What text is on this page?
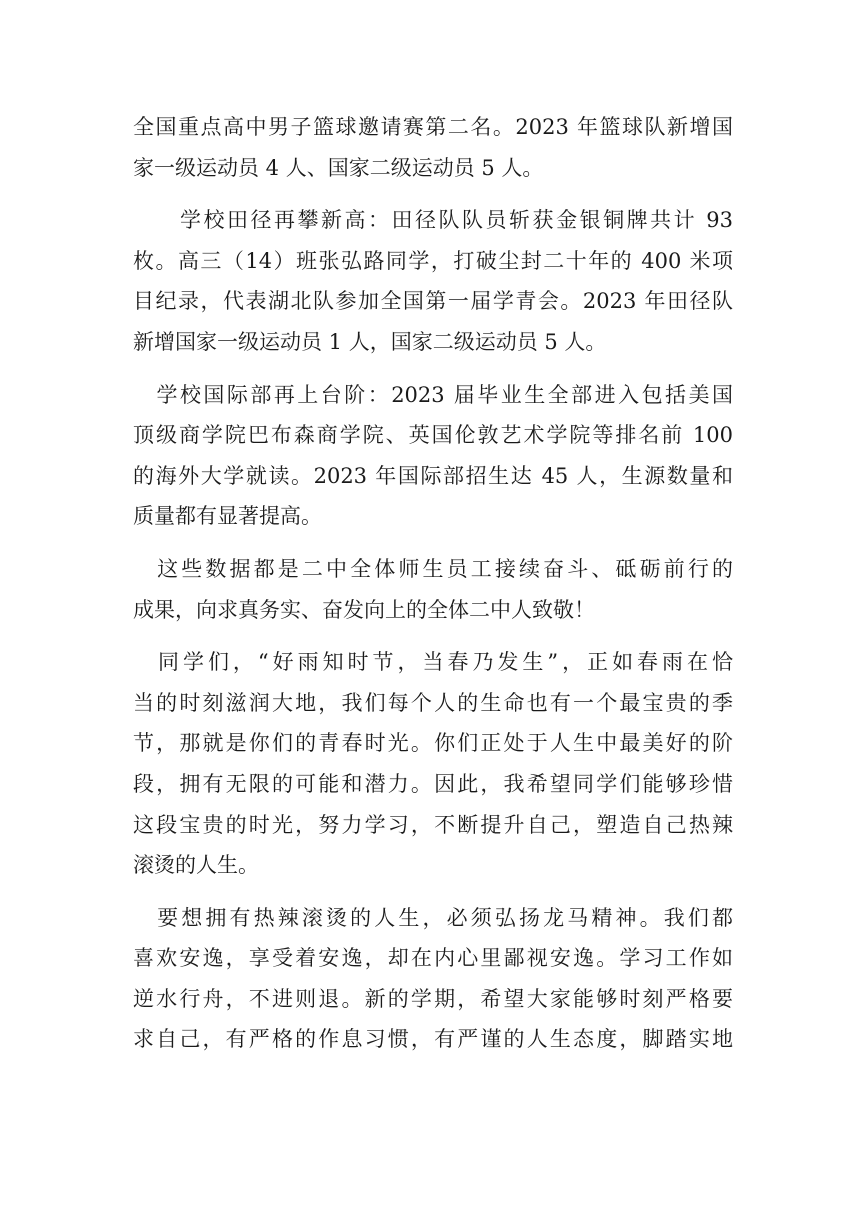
全国重点高中男子篮球邀请赛第二名。2023 年篮球队新增国
家一级运动员 4 人、国家二级运动员 5 人。
　　学校田径再攀新高：田径队队员斩获金银铜牌共计 93
枚。高三（14）班张弘路同学，打破尘封二十年的 400 米项
目纪录，代表湖北队参加全国第一届学青会。2023 年田径队
新增国家一级运动员 1 人，国家二级运动员 5 人。
　学校国际部再上台阶：2023 届毕业生全部进入包括美国
顶级商学院巴布森商学院、英国伦敦艺术学院等排名前 100
的海外大学就读。2023 年国际部招生达 45 人，生源数量和
质量都有显著提高。
　这些数据都是二中全体师生员工接续奋斗、砥砺前行的
成果，向求真务实、奋发向上的全体二中人致敬！
　同学们，“好雨知时节，当春乃发生”，正如春雨在恰
当的时刻滋润大地，我们每个人的生命也有一个最宝贵的季
节，那就是你们的青春时光。你们正处于人生中最美好的阶
段，拥有无限的可能和潜力。因此，我希望同学们能够珍惜
这段宝贵的时光，努力学习，不断提升自己，塑造自己热辣
滚烫的人生。
　要想拥有热辣滚烫的人生，必须弘扬龙马精神。我们都
喜欢安逸，享受着安逸，却在内心里鄙视安逸。学习工作如
逆水行舟，不进则退。新的学期，希望大家能够时刻严格要
求自己，有严格的作息习惯，有严谨的人生态度，脚踏实地
